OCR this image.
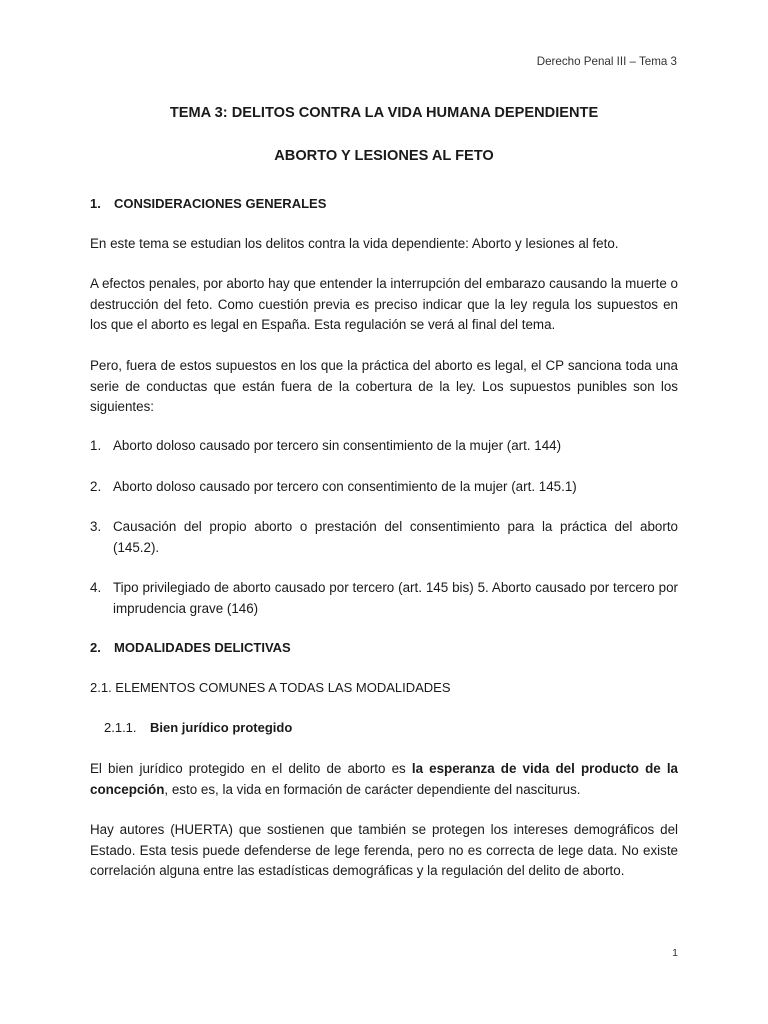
Derecho Penal III – Tema 3
TEMA 3: DELITOS CONTRA LA VIDA HUMANA DEPENDIENTE
ABORTO Y LESIONES AL FETO
1. CONSIDERACIONES GENERALES

En este tema se estudian los delitos contra la vida dependiente: Aborto y lesiones al feto.

A efectos penales, por aborto hay que entender la interrupción del embarazo causando la muerte o destrucción del feto. Como cuestión previa es preciso indicar que la ley regula los supuestos en los que el aborto es legal en España. Esta regulación se verá al final del tema.

Pero, fuera de estos supuestos en los que la práctica del aborto es legal, el CP sanciona toda una serie de conductas que están fuera de la cobertura de la ley. Los supuestos punibles son los siguientes:

1. Aborto doloso causado por tercero sin consentimiento de la mujer (art. 144)
2. Aborto doloso causado por tercero con consentimiento de la mujer (art. 145.1)
3. Causación del propio aborto o prestación del consentimiento para la práctica del aborto (145.2).
4. Tipo privilegiado de aborto causado por tercero (art. 145 bis) 5. Aborto causado por tercero por imprudencia grave (146)
2. MODALIDADES DELICTIVAS
2.1. ELEMENTOS COMUNES A TODAS LAS MODALIDADES
2.1.1. Bien jurídico protegido

El bien jurídico protegido en el delito de aborto es la esperanza de vida del producto de la concepción, esto es, la vida en formación de carácter dependiente del nasciturus.

Hay autores (HUERTA) que sostienen que también se protegen los intereses demográficos del Estado. Esta tesis puede defenderse de lege ferenda, pero no es correcta de lege data. No existe correlación alguna entre las estadísticas demográficas y la regulación del delito de aborto.

1
